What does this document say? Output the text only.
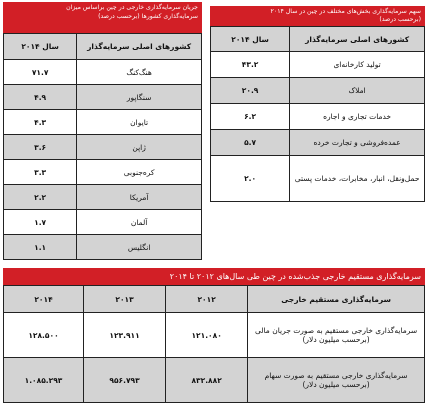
جریان سرمایه‌گذاری خارجی در چین براساس میزان
سرمایه‌گذاری کشورها (برحسب درصد)
کشورهای اصلی سرمایه‌گذار	سال ۲۰۱۴
هنگ‌کنگ	۷۱.۷
سنگاپور	۴.۹
تایوان	۴.۳
ژاپن	۳.۶
کره‌جنوبی	۳.۳
آمریکا	۲.۲
آلمان	۱.۷
انگلیس	۱.۱
سهم سرمایه‌گذاری بخش‌های مختلف در چین در سال ۲۰۱۴
(برحسب درصد)
کشورهای اصلی سرمایه‌گذار	سال ۲۰۱۴
تولید کارخانه‌ای	۴۳.۲
املاک	۲۰.۹
خدمات تجاری و اجاره	۶.۲
عمده‌فروشی و تجارت خرده	۵.۷
حمل‌ونقل، انبار، مخابرات، خدمات پستی	۲.۰
سرمایه‌گذاری مستقیم خارجی جذب‌شده در چین طی سال‌های ۲۰۱۲ تا ۲۰۱۴
سرمایه‌گذاری مستقیم خارجی	۲۰۱۲	۲۰۱۳	۲۰۱۴
سرمایه‌گذاری خارجی مستقیم به صورت جریان مالی (برحسب میلیون دلار)	۱۲۱.۰۸۰	۱۲۳.۹۱۱	۱۲۸.۵۰۰
سرمایه‌گذاری خارجی مستقیم به صورت سهام (برحسب میلیون دلار)	۸۳۲.۸۸۲	۹۵۶.۷۹۳	۱.۰۸۵.۲۹۳
